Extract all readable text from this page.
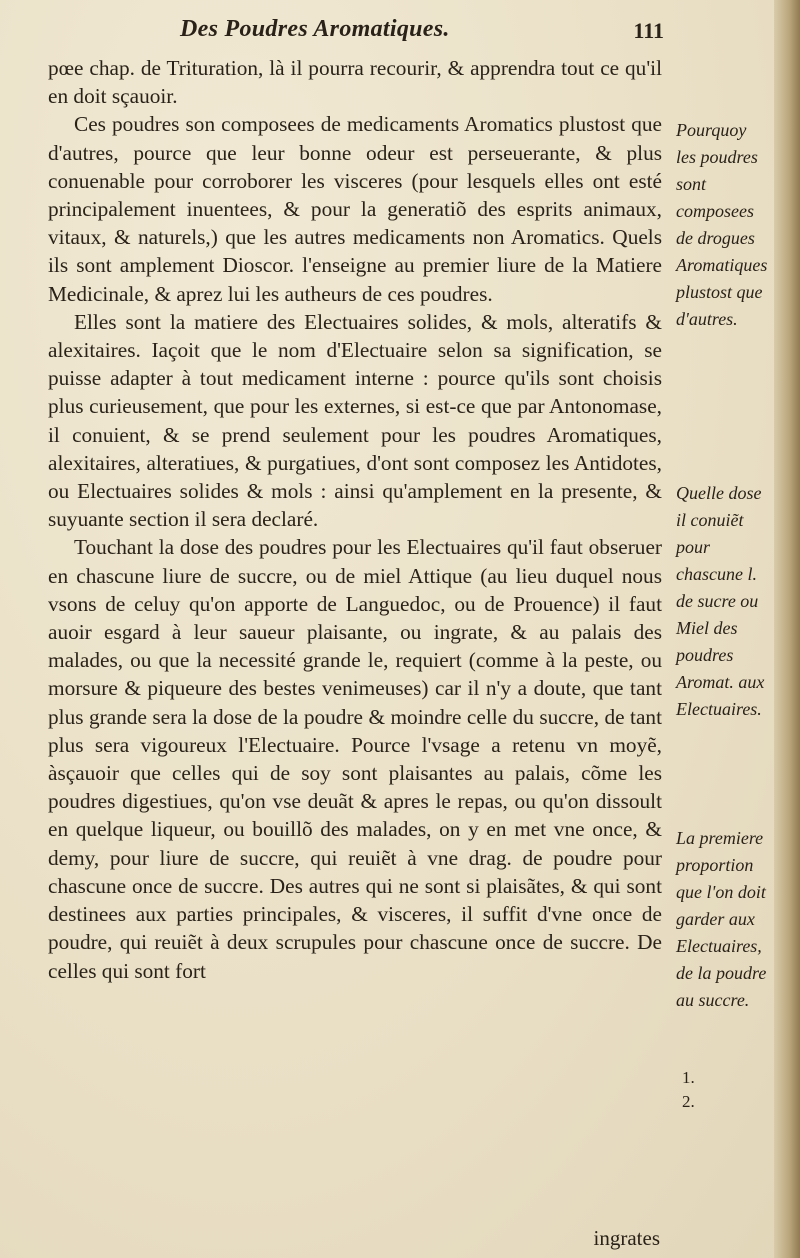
Des Poudres Aromatiques.	111

pœe chap. de Trituration, là il pourra recourir, & apprendra tout ce qu'il en doit sçauoir.

Ces poudres son composees de medicaments Aromatics plustost que d'autres, pource que leur bonne odeur est perseuerante, & plus conuenable pour corroborer les visceres (pour lesquels elles ont esté principalement inuentees, & pour la generatiõ des esprits animaux, vitaux, & naturels,) que les autres medicaments non Aromatics. Quels ils sont amplement Dioscor. l'enseigne au premier liure de la Matiere Medicinale, & aprez lui les autheurs de ces poudres.

Elles sont la matiere des Electuaires solides, & mols, alteratifs & alexitaires. Iaçoit que le nom d'Electuaire selon sa signification, se puisse adapter à tout medicament interne : pource qu'ils sont choisis plus curieusement, que pour les externes, si est-ce que par Antonomase, il conuient, & se prend seulement pour les poudres Aromatiques, alexitaires, alteratiues, & purgatiues, d'ont sont composez les Antidotes, ou Electuaires solides & mols : ainsi qu'amplement en la presente, & suyuante section il sera declaré.

Touchant la dose des poudres pour les Electuaires qu'il faut obseruer en chascune liure de succre, ou de miel Attique (au lieu duquel nous vsons de celuy qu'on apporte de Languedoc, ou de Prouence) il faut auoir esgard à leur saueur plaisante, ou ingrate, & au palais des malades, ou que la necessité grande le, requiert (comme à la peste, ou morsure & piqueure des bestes venimeuses) car il n'y a doute, que tant plus grande sera la dose de la poudre & moindre celle du succre, de tant plus sera vigoureux l'Electuaire. Pource l'vsage a retenu vn moyẽ, àsçauoir que celles qui de soy sont plaisantes au palais, cõme les poudres digestiues, qu'on vse deuãt & apres le repas, ou qu'on dissoult en quelque liqueur, ou bouillõ des malades, on y en met vne once, & demy, pour liure de succre, qui reuiẽt à vne drag. de poudre pour chascune once de succre. Des autres qui ne sont si plaisãtes, & qui sont destinees aux parties principales, & visceres, il suffit d'vne once de poudre, qui reuiẽt à deux scrupules pour chascune once de succre. De celles qui sont fort

ingrates
Pourquoy les poudres sont composees de drogues Aromatiques plustost que d'autres.
Quelle dose il conuiẽt pour chascune l. de sucre ou Miel des poudres Aromat. aux Electuaires.
La premiere proportion que l'on doit garder aux Electuaires, de la poudre au succre.
1.
2.
